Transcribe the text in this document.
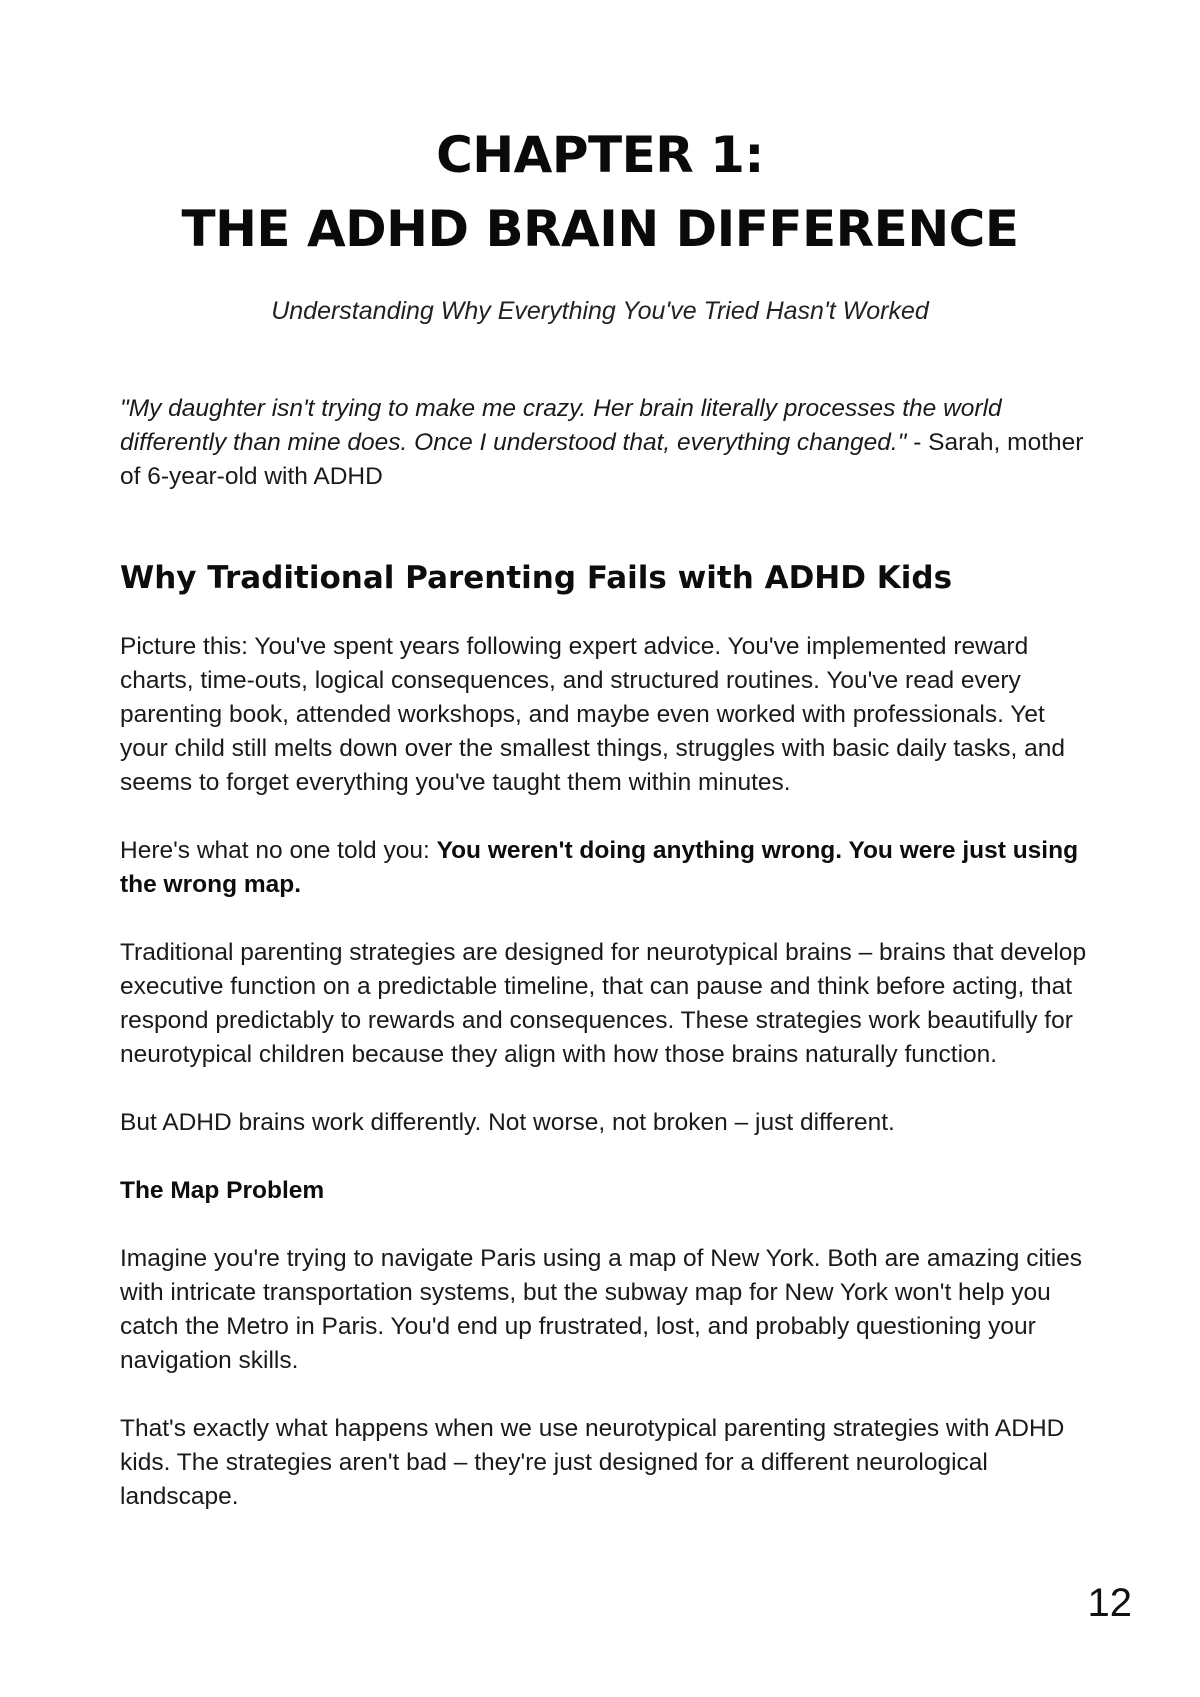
CHAPTER 1:
THE ADHD BRAIN DIFFERENCE

Understanding Why Everything You've Tried Hasn't Worked

"My daughter isn't trying to make me crazy. Her brain literally processes the world differently than mine does. Once I understood that, everything changed." - Sarah, mother of 6-year-old with ADHD

Why Traditional Parenting Fails with ADHD Kids

Picture this: You've spent years following expert advice. You've implemented reward charts, time-outs, logical consequences, and structured routines. You've read every parenting book, attended workshops, and maybe even worked with professionals. Yet your child still melts down over the smallest things, struggles with basic daily tasks, and seems to forget everything you've taught them within minutes.

Here's what no one told you: You weren't doing anything wrong. You were just using the wrong map.

Traditional parenting strategies are designed for neurotypical brains – brains that develop executive function on a predictable timeline, that can pause and think before acting, that respond predictably to rewards and consequences. These strategies work beautifully for neurotypical children because they align with how those brains naturally function.

But ADHD brains work differently. Not worse, not broken – just different.

The Map Problem

Imagine you're trying to navigate Paris using a map of New York. Both are amazing cities with intricate transportation systems, but the subway map for New York won't help you catch the Metro in Paris. You'd end up frustrated, lost, and probably questioning your navigation skills.

That's exactly what happens when we use neurotypical parenting strategies with ADHD kids. The strategies aren't bad – they're just designed for a different neurological landscape.

12
